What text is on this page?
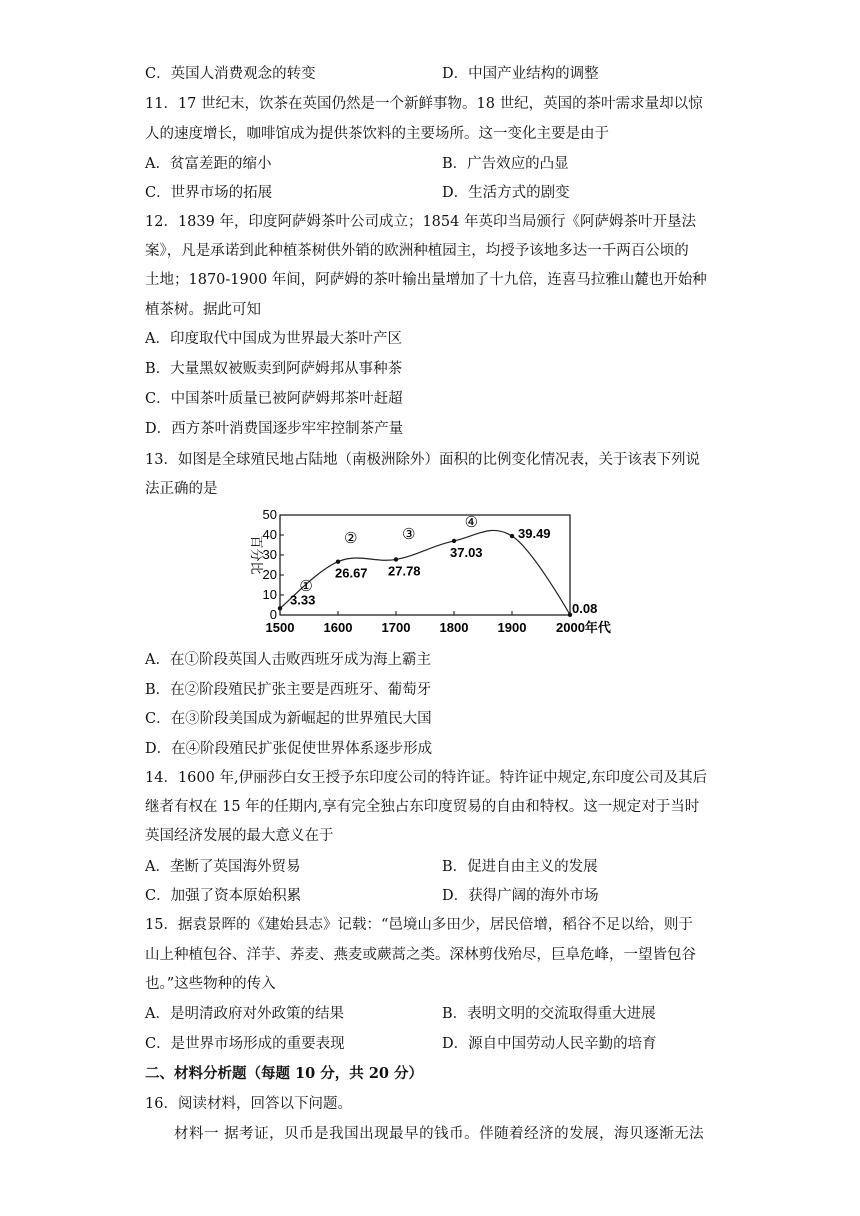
C．英国人消费观念的转变	D．中国产业结构的调整
11．17 世纪末，饮茶在英国仍然是一个新鲜事物。18 世纪，英国的茶叶需求量却以惊
人的速度增长，咖啡馆成为提供茶饮料的主要场所。这一变化主要是由于
A．贫富差距的缩小	B．广告效应的凸显
C．世界市场的拓展	D．生活方式的剧变
12．1839 年，印度阿萨姆茶叶公司成立；1854 年英印当局颁行《阿萨姆茶叶开垦法
案》，凡是承诺到此种植茶树供外销的欧洲种植园主，均授予该地多达一千两百公顷的
土地；1870-1900 年间，阿萨姆的茶叶输出量增加了十九倍，连喜马拉雅山麓也开始种
植茶树。据此可知
A．印度取代中国成为世界最大茶叶产区
B．大量黑奴被贩卖到阿萨姆邦从事种茶
C．中国茶叶质量已被阿萨姆邦茶叶赶超
D．西方茶叶消费国逐步牢牢控制茶产量
13．如图是全球殖民地占陆地（南极洲除外）面积的比例变化情况表，关于该表下列说
法正确的是
百分比
0
10
20
30
40
50
1500 1600 1700 1800 1900 2000年代
3.33
26.67 27.78
37.03
39.49
0.08
①
②	③
④
A．在①阶段英国人击败西班牙成为海上霸主
B．在②阶段殖民扩张主要是西班牙、葡萄牙
C．在③阶段美国成为新崛起的世界殖民大国
D．在④阶段殖民扩张促使世界体系逐步形成
14．1600 年,伊丽莎白女王授予东印度公司的特许证。特许证中规定,东印度公司及其后
继者有权在 15 年的任期内,享有完全独占东印度贸易的自由和特权。这一规定对于当时
英国经济发展的最大意义在于
A．垄断了英国海外贸易	B．促进自由主义的发展
C．加强了资本原始积累	D．获得广阔的海外市场
15．据袁景晖的《建始县志》记载：“邑境山多田少，居民倍增，稻谷不足以给，则于
山上种植包谷、洋芋、荞麦、燕麦或蕨蒿之类。深林剪伐殆尽，巨阜危峰，一望皆包谷
也。”这些物种的传入
A．是明清政府对外政策的结果	B．表明文明的交流取得重大进展
C．是世界市场形成的重要表现	D．源自中国劳动人民辛勤的培育
二、材料分析题（每题 10 分，共 20 分）
16．阅读材料，回答以下问题。
材料一 据考证，贝币是我国出现最早的钱币。伴随着经济的发展，海贝逐渐无法
